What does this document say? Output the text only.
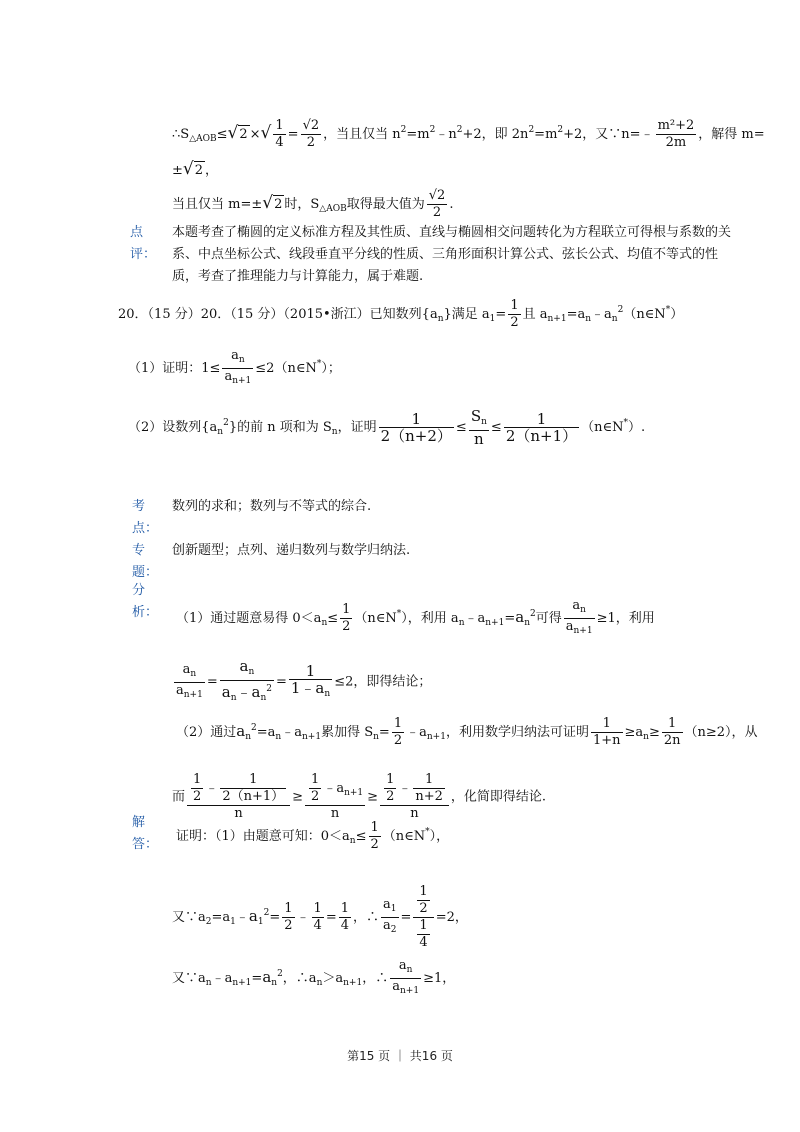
$\therefore S_{\triangle AOB}\le√2$ ×√ $\frac{1}{4} = \frac{√2}{2}$ ，当且仅当 $n^2=m^2﹣n^2+2$，即 $2n^2=m^2+2$，又∵n=﹣ $\frac{\text{m²+2}}{2m}$ ，解得 m=
±√2 ，
当且仅当 m=±√2 时，$S_{\triangle AOB}$取得最大值为 $\frac{√2}{2}$ .
点评：
本题考查了椭圆的定义标准方程及其性质、直线与椭圆相交问题转化为方程联立可得根与系数的关系、中点坐标公式、线段垂直平分线的性质、三角形面积计算公式、弦长公式、均值不等式的性质，考查了推理能力与计算能力，属于难题.
20．（15 分）20．（15 分）（2015•浙江）已知数列$\{a_n\}$满足 $a_1= \frac{1}{2}$ 且 $a_{n+1}=a_n﹣a_n^2(n\in N^*)$
（1）证明：$1\le \frac{a_n}{a_{n+1}}$ ≤2（n∈N*）；
（2）设数列$\{a_n^2\}$的前 n 项和为 $S_n$，证明 $\frac{1}{2(n+2)} \le \frac{S_n}{n} \le \frac{1}{2(n+1)}$ （n∈N*）.
考
点：
数列的求和；数列与不等式的综合.
专
题：
创新题型；点列、递归数列与数学归纳法.
分
析： （1）通过题意易得 $0<a_n\le \frac{1}{2}$ （n∈N*），利用 $a_n﹣a_{n+1}=a_n^2$可得 $\frac{a_n}{a_{n+1}} \ge 1$，利用
$\frac{a_n}{a_{n+1}} = \frac{a_n}{a_n﹣a_n^2} = \frac{1}{1﹣a_n} \le 2$，即得结论；
（2）通过$a_n^2=a_n﹣a_{n+1}$累加得 $S_n= \frac{1}{2}$ $﹣a_{n+1}$，利用数学归纳法可证明 $\frac{1}{1+n} \ge a_n\ge \frac{1}{2n} (n\ge 2)$，从
而 $\frac{\frac{1}{2} ﹣ \frac{1}{2(n+1)}}{n} \ge \frac{\frac{1}{2} ﹣a_{n+1}}{n} \ge \frac{\frac{1}{2} ﹣ \frac{1}{n+2}}{n}$ ，化简即得结论.
解
答：
证明：（1）由题意可知：$0<a_n\le \frac{1}{2}$ （n∈N*），
又$\because a_2=a_1﹣a_1^2= \frac{1}{2}$ ﹣ $\frac{1}{4} = \frac{1}{4}$ ，∴ $\frac{a_1}{a_2} = \frac{\frac{1}{2}}{\frac{1}{4}} =2$，
又$\because a_n﹣a_{n+1}=a_n^2$，$\therefore a_n>a_{n+1}$，∴ $\frac{a_n}{a_{n+1}} \ge 1$，
第15 页 ｜ 共16 页
